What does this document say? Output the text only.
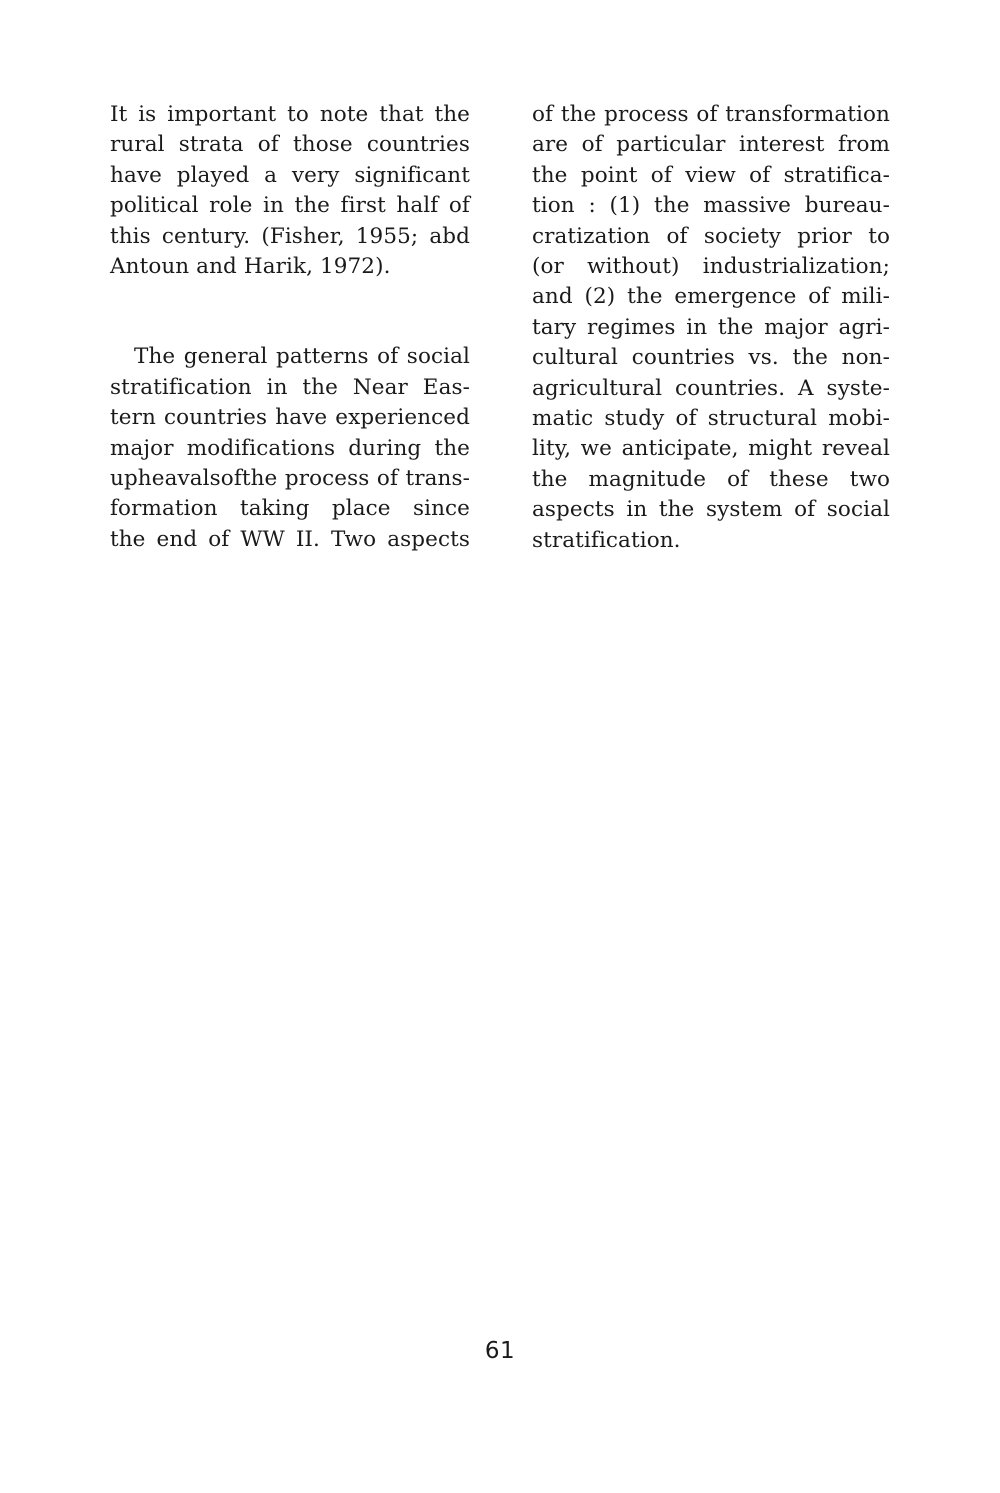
It is important to note that the
rural strata of those countries
have played a very significant
political role in the first half of
this century. (Fisher, 1955; abd
Antoun and Harik, 1972).
The general patterns of social
stratification in the Near Eas-
tern countries have experienced
major modifications during the
upheavalsofthe process of trans-
formation taking place since
the end of WW II. Two aspects
of the process of transformation
are of particular interest from
the point of view of stratifica-
tion : (1) the massive bureau-
cratization of society prior to
(or without) industrialization;
and (2) the emergence of mili-
tary regimes in the major agri-
cultural countries vs. the non-
agricultural countries. A syste-
matic study of structural mobi-
lity, we anticipate, might reveal
the magnitude of these two
aspects in the system of social
stratification.
61
